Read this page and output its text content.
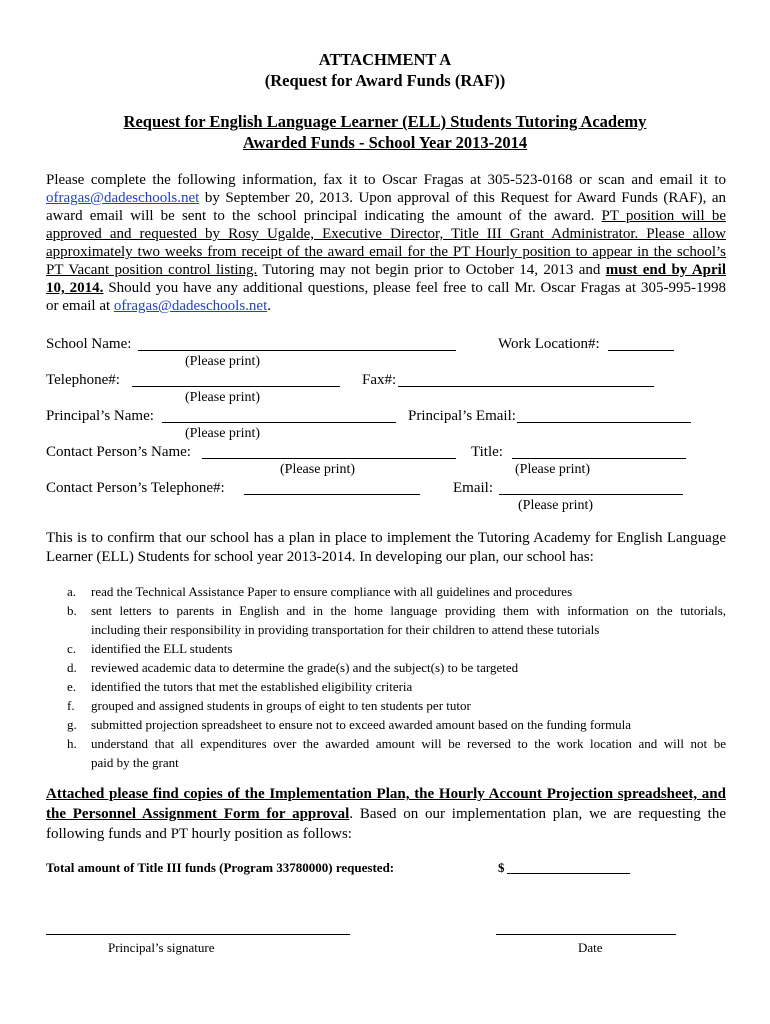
ATTACHMENT A
(Request for Award Funds (RAF))
Request for English Language Learner (ELL) Students Tutoring Academy
Awarded Funds - School Year 2013-2014
Please complete the following information, fax it to Oscar Fragas at 305-523-0168 or scan and email it to
ofragas@dadeschools.net by September 20, 2013. Upon approval of this Request for Award Funds (RAF), an
award email will be sent to the school principal indicating the amount of the award. PT position will be
approved and requested by Rosy Ugalde, Executive Director, Title III Grant Administrator. Please allow
approximately two weeks from receipt of the award email for the PT Hourly position to appear in the school’s
PT Vacant position control listing. Tutoring may not begin prior to October 14, 2013 and must end by April
10, 2014. Should you have any additional questions, please feel free to call Mr. Oscar Fragas at 305-995-1998
or email at ofragas@dadeschools.net.
School Name:	Work Location#:
(Please print)
Telephone#:	Fax#:
(Please print)
Principal’s Name:	Principal’s Email:
(Please print)
Contact Person’s Name:	Title:
(Please print)	(Please print)
Contact Person’s Telephone#:	Email:
(Please print)
This is to confirm that our school has a plan in place to implement the Tutoring Academy for English Language
Learner (ELL) Students for school year 2013-2014. In developing our plan, our school has:
a. read the Technical Assistance Paper to ensure compliance with all guidelines and procedures
b. sent letters to parents in English and in the home language providing them with information on the tutorials,
including their responsibility in providing transportation for their children to attend these tutorials
c. identified the ELL students
d. reviewed academic data to determine the grade(s) and the subject(s) to be targeted
e. identified the tutors that met the established eligibility criteria
f. grouped and assigned students in groups of eight to ten students per tutor
g. submitted projection spreadsheet to ensure not to exceed awarded amount based on the funding formula
h. understand that all expenditures over the awarded amount will be reversed to the work location and will not be
paid by the grant
Attached please find copies of the Implementation Plan, the Hourly Account Projection spreadsheet, and
the Personnel Assignment Form for approval. Based on our implementation plan, we are requesting the
following funds and PT hourly position as follows:
Total amount of Title III funds (Program 33780000) requested:	$
Principal’s signature	Date
